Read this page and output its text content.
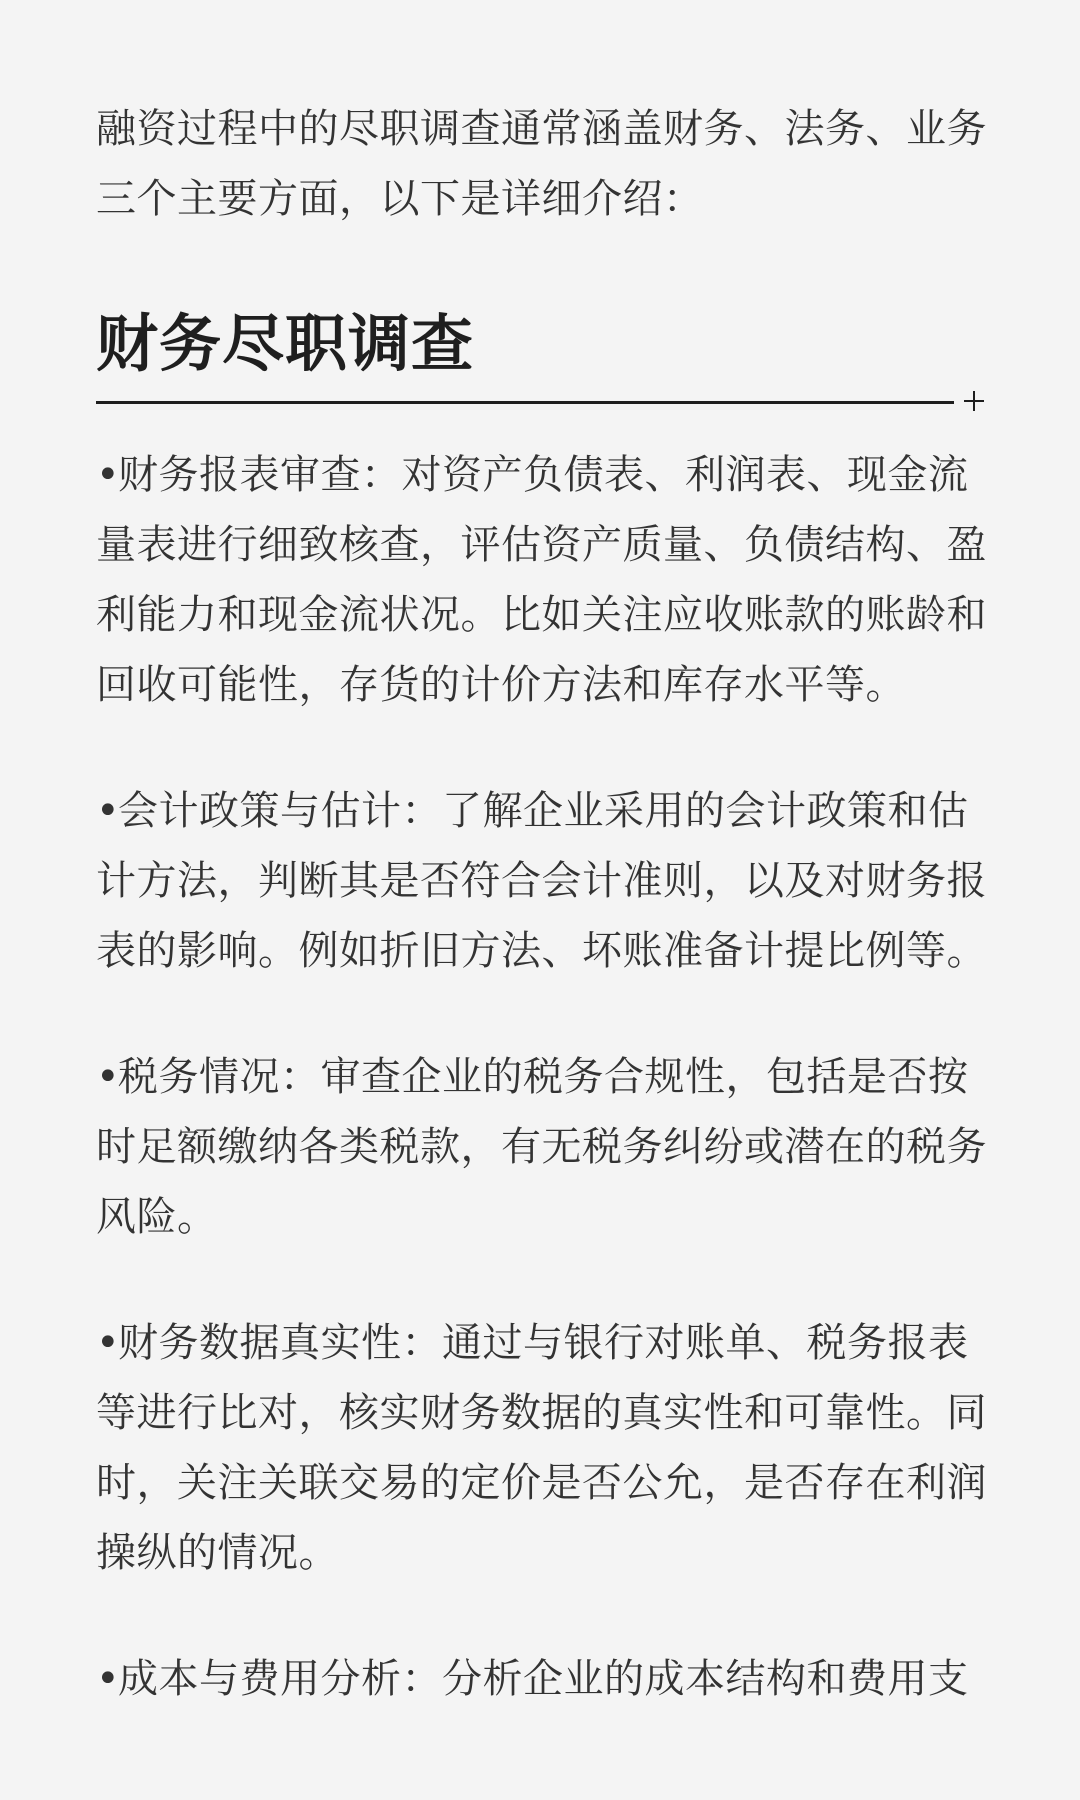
融资过程中的尽职调查通常涵盖财务、法务、业务
三个主要方面，以下是详细介绍：

财务尽职调查
•财务报表审查：对资产负债表、利润表、现金流量表进行细致核查，评估资产质量、负债结构、盈利能力和现金流状况。比如关注应收账款的账龄和回收可能性，存货的计价方法和库存水平等。
•会计政策与估计：了解企业采用的会计政策和估计方法，判断其是否符合会计准则，以及对财务报表的影响。例如折旧方法、坏账准备计提比例等。
•税务情况：审查企业的税务合规性，包括是否按时足额缴纳各类税款，有无税务纠纷或潜在的税务风险。
•财务数据真实性：通过与银行对账单、税务报表等进行比对，核实财务数据的真实性和可靠性。同时，关注关联交易的定价是否公允，是否存在利润操纵的情况。
•成本与费用分析：分析企业的成本结构和费用支
